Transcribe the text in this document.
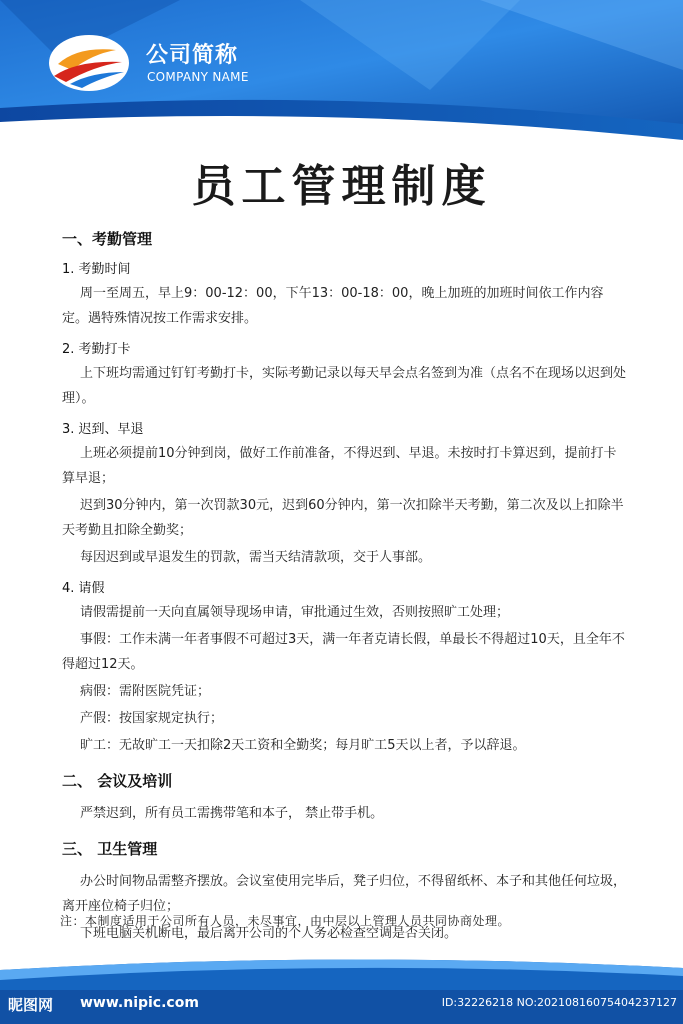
公司简称
COMPANY NAME
员工管理制度
一、考勤管理
1. 考勤时间
周一至周五，早上9：00-12：00，下午13：00-18：00，晚上加班的加班时间依工作内容定。遇特殊情况按工作需求安排。
2. 考勤打卡
上下班均需通过钉钉考勤打卡，实际考勤记录以每天早会点名签到为准（点名不在现场以迟到处理）。
3. 迟到、早退
上班必须提前10分钟到岗，做好工作前准备，不得迟到、早退。未按时打卡算迟到，提前打卡算早退；
迟到30分钟内，第一次罚款30元，迟到60分钟内，第一次扣除半天考勤，第二次及以上扣除半天考勤且扣除全勤奖；
每因迟到或早退发生的罚款，需当天结清款项，交于人事部。
4. 请假
请假需提前一天向直属领导现场申请，审批通过生效，否则按照旷工处理；
事假：工作未满一年者事假不可超过3天，满一年者克请长假，单最长不得超过10天，且全年不得超过12天。
病假：需附医院凭证；
产假：按国家规定执行；
旷工：无故旷工一天扣除2天工资和全勤奖；每月旷工5天以上者，予以辞退。
二、 会议及培训
严禁迟到，所有员工需携带笔和本子， 禁止带手机。
三、 卫生管理
办公时间物品需整齐摆放。会议室使用完毕后，凳子归位，不得留纸杯、本子和其他任何垃圾，离开座位椅子归位；
下班电脑关机断电，最后离开公司的个人务必检查空调是否关闭。
注：本制度适用于公司所有人员，未尽事宜，由中层以上管理人员共同协商处理。
昵图网 www.nipic.com	ID:32226218 NO:20210816075404237127
